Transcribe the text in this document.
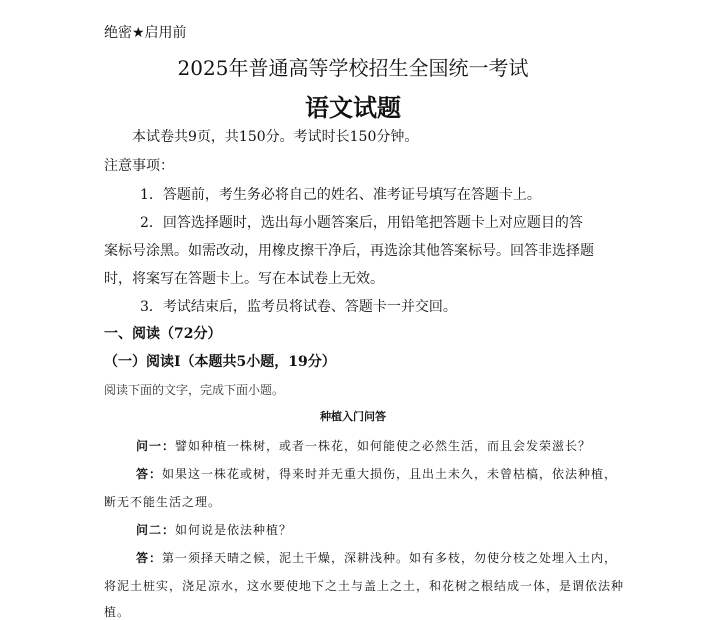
绝密★启用前
2025年普通高等学校招生全国统一考试
语文试题
本试卷共9页，共150分。考试时长150分钟。
注意事项：
1．答题前，考生务必将自己的姓名、准考证号填写在答题卡上。
2．回答选择题时，选出每小题答案后，用铅笔把答题卡上对应题目的答
案标号涂黑。如需改动，用橡皮擦干净后，再选涂其他答案标号。回答非选择题
时，将案写在答题卡上。写在本试卷上无效。
3．考试结束后，监考员将试卷、答题卡一并交回。
一、阅读（72分）
（一）阅读Ⅰ（本题共5小题，19分）
阅读下面的文字，完成下面小题。
种植入门问答
问一：譬如种植一株树，或者一株花，如何能使之必然生活，而且会发荣滋长？
答：如果这一株花或树，得来时并无重大损伤，且出土未久，未曾枯槁，依法种植，
断无不能生活之理。
问二：如何说是依法种植？
答：第一须择天晴之候，泥土干燥，深耕浅种。如有多枝，勿使分枝之处埋入土内，
将泥土桩实，浇足凉水，这水要使地下之土与盖上之土，和花树之根结成一体，是谓依法种
植。
